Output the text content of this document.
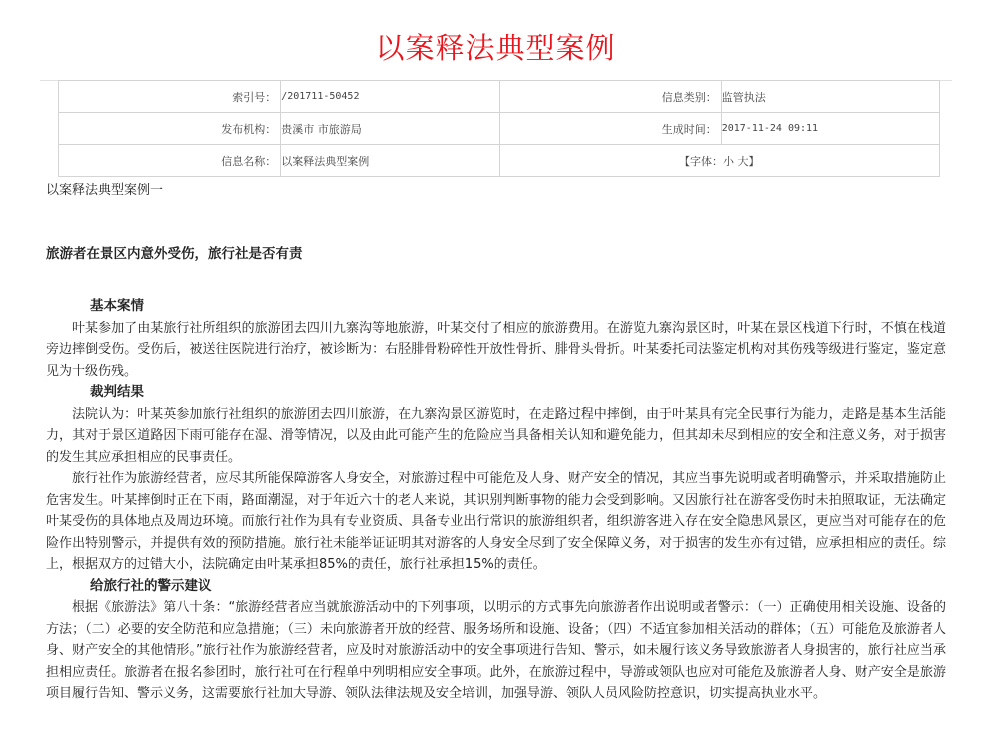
以案释法典型案例
索引号：	/201711-50452	信息类别：	监管执法
发布机构：	贵溪市 市旅游局	生成时间：	2017-11-24 09:11
信息名称：	以案释法典型案例	【字体：小 大】	

以案释法典型案例一

旅游者在景区内意外受伤，旅行社是否有责

基本案情

叶某参加了由某旅行社所组织的旅游团去四川九寨沟等地旅游，叶某交付了相应的旅游费用。在游览九寨沟景区时，叶某在景区栈道下行时，不慎在栈道旁边摔倒受伤。受伤后，被送往医院进行治疗，被诊断为：右胫腓骨粉碎性开放性骨折、腓骨头骨折。叶某委托司法鉴定机构对其伤残等级进行鉴定，鉴定意见为十级伤残。

裁判结果

法院认为：叶某英参加旅行社组织的旅游团去四川旅游，在九寨沟景区游览时，在走路过程中摔倒，由于叶某具有完全民事行为能力，走路是基本生活能力，其对于景区道路因下雨可能存在湿、滑等情况，以及由此可能产生的危险应当具备相关认知和避免能力，但其却未尽到相应的安全和注意义务，对于损害的发生其应承担相应的民事责任。

旅行社作为旅游经营者，应尽其所能保障游客人身安全，对旅游过程中可能危及人身、财产安全的情况，其应当事先说明或者明确警示，并采取措施防止危害发生。叶某摔倒时正在下雨，路面潮湿，对于年近六十的老人来说，其识别判断事物的能力会受到影响。又因旅行社在游客受伤时未拍照取证，无法确定叶某受伤的具体地点及周边环境。而旅行社作为具有专业资质、具备专业出行常识的旅游组织者，组织游客进入存在安全隐患风景区，更应当对可能存在的危险作出特别警示，并提供有效的预防措施。旅行社未能举证证明其对游客的人身安全尽到了安全保障义务，对于损害的发生亦有过错，应承担相应的责任。综上，根据双方的过错大小，法院确定由叶某承担85%的责任，旅行社承担15%的责任。

给旅行社的警示建议

根据《旅游法》第八十条：“旅游经营者应当就旅游活动中的下列事项，以明示的方式事先向旅游者作出说明或者警示：（一）正确使用相关设施、设备的方法；（二）必要的安全防范和应急措施；（三）未向旅游者开放的经营、服务场所和设施、设备；（四）不适宜参加相关活动的群体；（五）可能危及旅游者人身、财产安全的其他情形。”旅行社作为旅游经营者，应及时对旅游活动中的安全事项进行告知、警示，如未履行该义务导致旅游者人身损害的，旅行社应当承担相应责任。旅游者在报名参团时，旅行社可在行程单中列明相应安全事项。此外，在旅游过程中，导游或领队也应对可能危及旅游者人身、财产安全是旅游项目履行告知、警示义务，这需要旅行社加大导游、领队法律法规及安全培训，加强导游、领队人员风险防控意识，切实提高执业水平。
